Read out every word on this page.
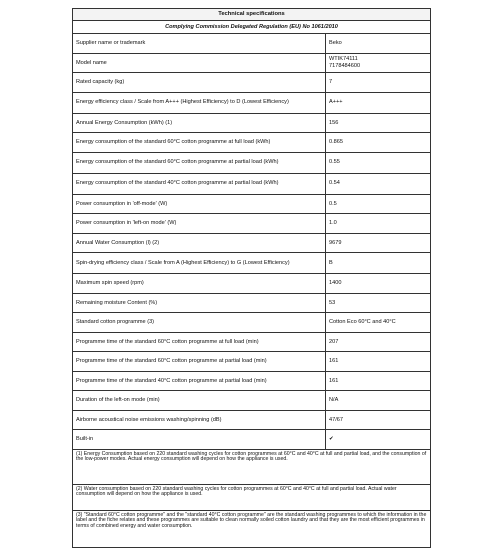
Technical specifications	
Complying Commission Delegated Regulation (EU) No 1061/2010	
Supplier name or trademark	Beko
Model name	WTIK74111
7178484600
Rated capacity (kg)	7
Energy efficiency class / Scale from A+++ (Highest Efficiency) to D (Lowest Efficiency)	A+++
Annual Energy Consumption (kWh) (1)	156
Energy consumption of the standard 60°C cotton programme at full load (kWh)	0.865
Energy consumption of the standard 60°C cotton programme at partial load (kWh)	0.55
Energy consumption of the standard 40°C cotton programme at partial load (kWh)	0.54
Power consumption in 'off-mode' (W)	0.5
Power consumption in 'left-on mode' (W)	1.0
Annual Water Consumption (l) (2)	9679
Spin-drying efficiency class / Scale from A (Highest Efficiency) to G (Lowest Efficiency)	B
Maximum spin speed (rpm)	1400
Remaining moisture Content (%)	53
Standard cotton programme (3)	Cotton Eco 60°C and 40°C
Programme time of the standard 60°C cotton programme at full load (min)	207
Programme time of the standard 60°C cotton programme at partial load (min)	161
Programme time of the standard 40°C cotton programme at partial load (min)	161
Duration of the left-on mode (min)	N/A
Airborne acoustical noise emissions washing/spinning (dB)	47/67
Built-in	✔
(1) Energy Consumption based on 220 standard washing cycles for cotton programmes at 60°C and 40°C at full and partial load, and the consumption of the low-power modes. Actual energy consumption will depend on how the appliance is used.	
(2) Water consumption based on 220 standard washing cycles for cotton programmes at 60°C and 40°C at full and partial load. Actual water consumption will depend on how the appliance is used.	
(3) "Standard 60°C cotton programme" and the "standard 40°C cotton programme" are the standard washing programmes to which the information in the label and the fiche relates and these programmes are suitable to clean normally soiled cotton laundry and that they are the most efficient programmes in terms of combined energy and water consumption.	
